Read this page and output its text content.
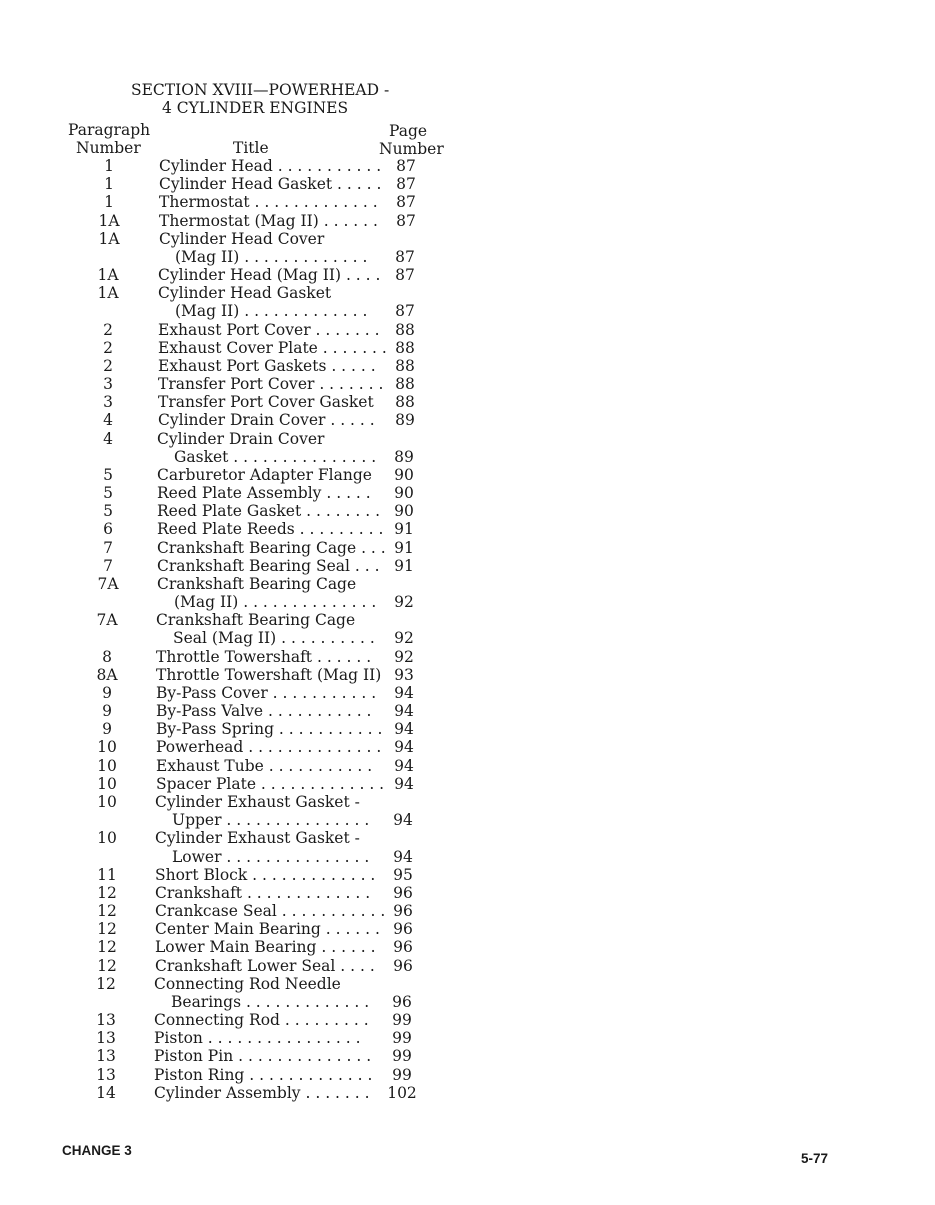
SECTION XVIII—POWERHEAD -
4 CYLINDER ENGINES
Paragraph
Number	Title
Page
Number
1	Cylinder Head . . . . . . . . . . . 87
1	Cylinder Head Gasket . . . . . 87
1	Thermostat . . . . . . . . . . . . .	87
1A	Thermostat (Mag II) . . . . . .	87
1A	Cylinder Head Cover
(Mag II) . . . . . . . . . . . . .	87
1A	Cylinder Head (Mag II) . . . . 87
1A	Cylinder Head Gasket
(Mag II) . . . . . . . . . . . . .	87
2	Exhaust Port Cover . . . . . . .	88
2	Exhaust Cover Plate . . . . . . . 88
2	Exhaust Port Gaskets . . . . .	88
3	Transfer Port Cover . . . . . . . 88
3	Transfer Port Cover Gasket	88
4	Cylinder Drain Cover . . . . .	89
4	Cylinder Drain Cover
Gasket . . . . . . . . . . . . . . .	89
5	Carburetor Adapter Flange	90
5	Reed Plate Assembly . . . . .	90
5	Reed Plate Gasket . . . . . . . . 90
6	Reed Plate Reeds . . . . . . . . . 91
7	Crankshaft Bearing Cage . . . 91
7	Crankshaft Bearing Seal . . . 91
7A	Crankshaft Bearing Cage
(Mag II) . . . . . . . . . . . . . .	92
7A	Crankshaft Bearing Cage
Seal (Mag II) . . . . . . . . . .	92
8	Throttle Towershaft . . . . . .	92
8A	Throttle Towershaft (Mag II) 93
9	By-Pass Cover . . . . . . . . . . .	94
9	By-Pass Valve . . . . . . . . . . .	94
9	By-Pass Spring . . . . . . . . . . . 94
10	Powerhead . . . . . . . . . . . . . . 94
10	Exhaust Tube . . . . . . . . . . .	94
10	Spacer Plate . . . . . . . . . . . . . 94
10	Cylinder Exhaust Gasket -
Upper . . . . . . . . . . . . . . .	94
10	Cylinder Exhaust Gasket -
Lower . . . . . . . . . . . . . . .	94
11	Short Block . . . . . . . . . . . . .	95
12	Crankshaft . . . . . . . . . . . . .	96
12	Crankcase Seal . . . . . . . . . . . 96
12	Center Main Bearing . . . . . . 96
12	Lower Main Bearing . . . . . .	96
12	Crankshaft Lower Seal . . . .	96
12	Connecting Rod Needle
Bearings . . . . . . . . . . . . .	96
13	Connecting Rod . . . . . . . . .	99
13	Piston . . . . . . . . . . . . . . . .	99
13	Piston Pin . . . . . . . . . . . . . .	99
13	Piston Ring . . . . . . . . . . . . .	99
14	Cylinder Assembly . . . . . . .	102
CHANGE 3
5-77
